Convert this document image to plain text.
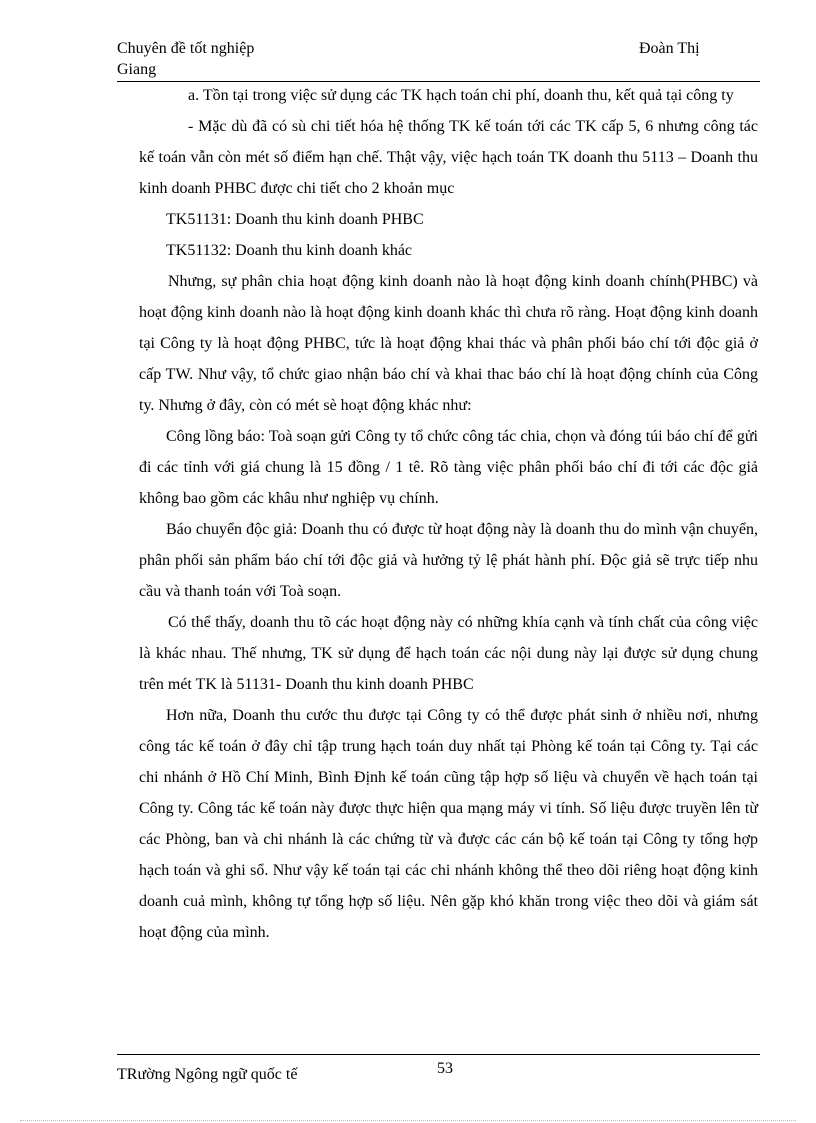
Chuyên đề tốt nghiệp	Đoàn Thị
Giang

a. Tồn tại trong việc sử dụng các TK hạch toán chi phí, doanh thu, kết quả tại công ty

- Mặc dù đã có sù chi tiết hóa hệ thống TK kế toán tới các TK cấp 5, 6 nhưng công tác kế toán vẫn còn mét số điểm hạn chế. Thật vậy, việc hạch toán TK doanh thu 5113 – Doanh thu kinh doanh PHBC được chi tiết cho 2 khoản mục

TK51131: Doanh thu kinh doanh PHBC

TK51132: Doanh thu kinh doanh khác

Nhưng, sự phân chia hoạt động kinh doanh nào là hoạt động kinh doanh chính(PHBC) và hoạt động kinh doanh nào là hoạt động kinh doanh khác thì chưa rõ ràng. Hoạt động kinh doanh tại Công ty là hoạt động PHBC, tức là hoạt động khai thác và phân phối báo chí tới độc giả ở cấp TW. Như vậy, tổ chức giao nhận báo chí và khai thac báo chí là hoạt động chính của Công ty. Nhưng ở đây, còn có mét sè hoạt động khác như:

Công lồng báo: Toà soạn gửi Công ty tổ chức công tác chia, chọn và đóng túi báo chí để gửi đi các tỉnh với giá chung là 15 đồng / 1 tê. Rõ tàng việc phân phối báo chí đi tới các độc giả không bao gồm các khâu như nghiệp vụ chính.

Báo chuyển độc giả: Doanh thu có được từ hoạt động này là doanh thu do mình vận chuyển, phân phối sản phẩm báo chí tới độc giả và hưởng tỷ lệ phát hành phí. Độc giả sẽ trực tiếp nhu cầu và thanh toán với Toà soạn.

Có thể thấy, doanh thu tõ các hoạt động này có những khía cạnh và tính chất của công việc là khác nhau. Thế nhưng, TK sử dụng để hạch toán các nội dung này lại được sử dụng chung trên mét TK là 51131- Doanh thu kinh doanh PHBC

Hơn nữa, Doanh thu cước thu được tại Công ty có thể được phát sinh ở nhiều nơi, nhưng công tác kế toán ở đây chỉ tập trung hạch toán duy nhất tại Phòng kế toán tại Công ty. Tại các chi nhánh ở Hồ Chí Minh, Bình Định kế toán cũng tập hợp số liệu và chuyển về hạch toán tại Công ty. Công tác kế toán này được thực hiện qua mạng máy vi tính. Số liệu được truyền lên từ các Phòng, ban và chi nhánh là các chứng từ và được các cán bộ kế toán tại Công ty tổng hợp hạch toán và ghi sổ. Như vậy kế toán tại các chi nhánh không thể theo dõi riêng hoạt động kinh doanh cuả mình, không tự tổng hợp số liệu. Nên gặp khó khăn trong việc theo dõi và giám sát hoạt động của mình.

53
TRường Ngông ngữ quốc tế
